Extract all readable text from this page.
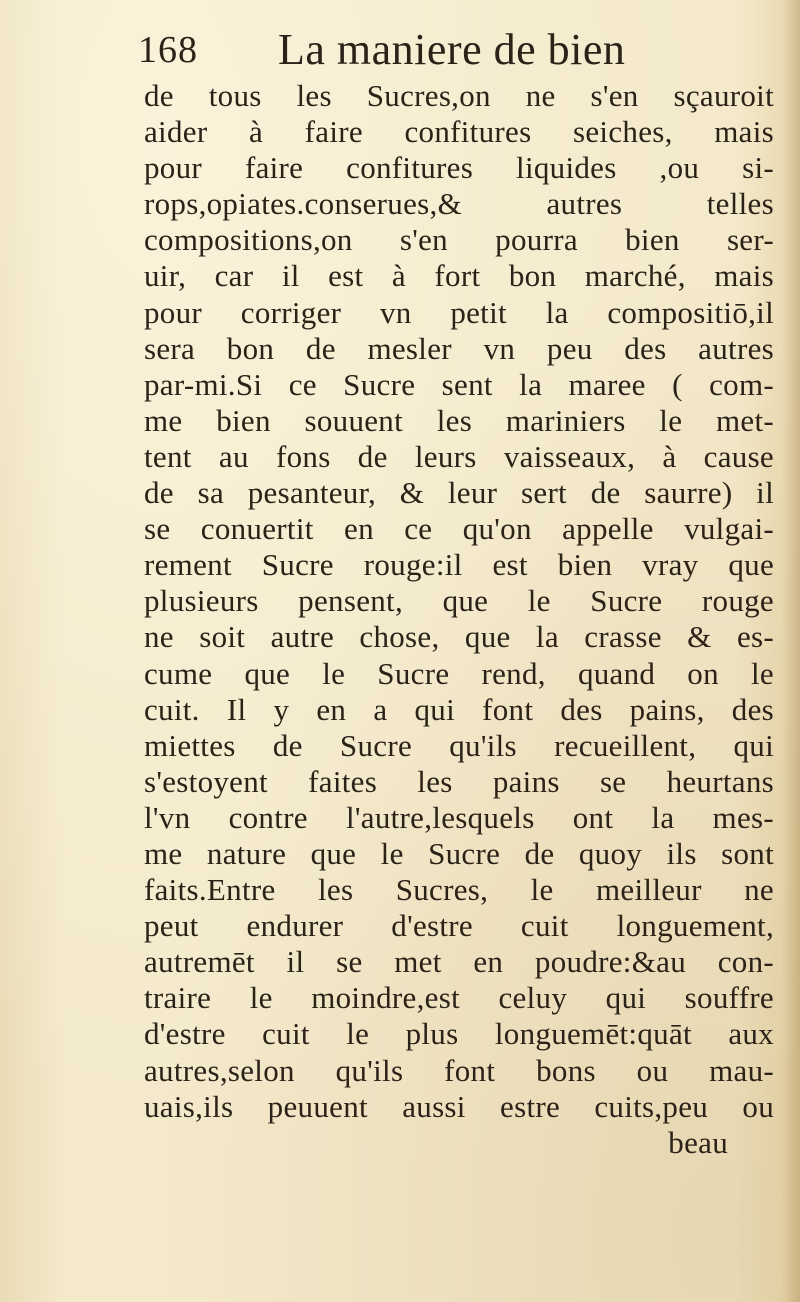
168 La maniere de bien
de tous les Sucres,on ne s'en sçauroit
aider à faire confitures seiches, mais
pour faire confitures liquides ,ou si-
rops,opiates.conserues,& autres telles
compositions,on s'en pourra bien ser-
uir, car il est à fort bon marché, mais
pour corriger vn petit la compositiō,il
sera bon de mesler vn peu des autres
par-mi.Si ce Sucre sent la maree ( com-
me bien souuent les mariniers le met-
tent au fons de leurs vaisseaux, à cause
de sa pesanteur, & leur sert de saurre) il
se conuertit en ce qu'on appelle vulgai-
rement Sucre rouge:il est bien vray que
plusieurs pensent, que le Sucre rouge
ne soit autre chose, que la crasse & es-
cume que le Sucre rend, quand on le
cuit. Il y en a qui font des pains, des
miettes de Sucre qu'ils recueillent, qui
s'estoyent faites les pains se heurtans
l'vn contre l'autre,lesquels ont la mes-
me nature que le Sucre de quoy ils sont
faits.Entre les Sucres, le meilleur ne
peut endurer d'estre cuit longuement,
autremēt il se met en poudre:&au con-
traire le moindre,est celuy qui souffre
d'estre cuit le plus longuemēt:quāt aux
autres,selon qu'ils font bons ou mau-
uais,ils peuuent aussi estre cuits,peu ou
beau
